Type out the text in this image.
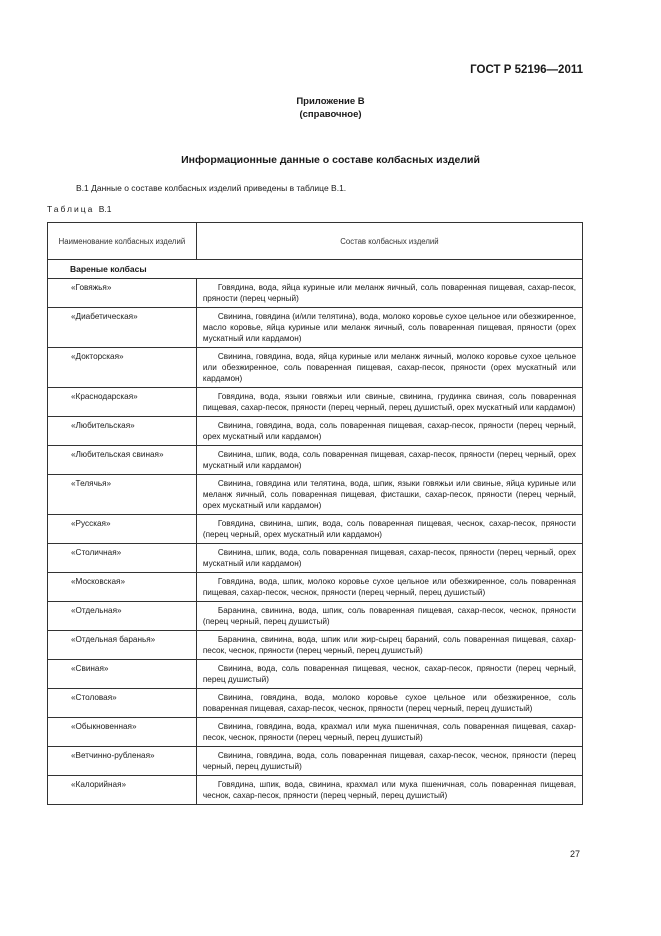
ГОСТ Р 52196—2011
Приложение В
(справочное)
Информационные данные о составе колбасных изделий
В.1 Данные о составе колбасных изделий приведены в таблице В.1.
Таблица В.1
Наименование колбасных изделий	Состав колбасных изделий
Вареные колбасы	
«Говяжья»	Говядина, вода, яйца куриные или меланж яичный, соль поваренная пищевая, сахар-песок, пряности (перец черный)

«Диабетическая»	Свинина, говядина (и/или телятина), вода, молоко коровье сухое цельное или обезжиренное, масло коровье, яйца куриные или меланж яичный, соль поваренная пищевая, пряности (орех мускатный или кардамон)

«Докторская»	Свинина, говядина, вода, яйца куриные или меланж яичный, молоко коровье сухое цельное или обезжиренное, соль поваренная пищевая, сахар-песок, пряности (орех мускатный или кардамон)

«Краснодарская»	Говядина, вода, языки говяжьи или свиные, свинина, грудинка свиная, соль поваренная пищевая, сахар-песок, пряности (перец черный, перец душистый, орех мускатный или кардамон)

«Любительская»	Свинина, говядина, вода, соль поваренная пищевая, сахар-песок, пряности (перец черный, орех мускатный или кардамон)

«Любительская свиная»	Свинина, шпик, вода, соль поваренная пищевая, сахар-песок, пряности (перец черный, орех мускатный или кардамон)

«Телячья»	Свинина, говядина или телятина, вода, шпик, языки говяжьи или свиные, яйца куриные или меланж яичный, соль поваренная пищевая, фисташки, сахар-песок, пряности (перец черный, орех мускатный или кардамон)

«Русская»	Говядина, свинина, шпик, вода, соль поваренная пищевая, чеснок, сахар-песок, пряности (перец черный, орех мускатный или кардамон)

«Столичная»	Свинина, шпик, вода, соль поваренная пищевая, сахар-песок, пряности (перец черный, орех мускатный или кардамон)

«Московская»	Говядина, вода, шпик, молоко коровье сухое цельное или обезжиренное, соль поваренная пищевая, сахар-песок, чеснок, пряности (перец черный, перец душистый)

«Отдельная»	Баранина, свинина, вода, шпик, соль поваренная пищевая, сахар-песок, чеснок, пряности (перец черный, перец душистый)

«Отдельная баранья»	Баранина, свинина, вода, шпик или жир-сырец бараний, соль поваренная пищевая, сахар-песок, чеснок, пряности (перец черный, перец душистый)

«Свиная»	Свинина, вода, соль поваренная пищевая, чеснок, сахар-песок, пряности (перец черный, перец душистый)

«Столовая»	Свинина, говядина, вода, молоко коровье сухое цельное или обезжиренное, соль поваренная пищевая, сахар-песок, чеснок, пряности (перец черный, перец душистый)

«Обыкновенная»	Свинина, говядина, вода, крахмал или мука пшеничная, соль поваренная пищевая, сахар-песок, чеснок, пряности (перец черный, перец душистый)

«Ветчинно-рубленая»	Свинина, говядина, вода, соль поваренная пищевая, сахар-песок, чеснок, пряности (перец черный, перец душистый)

«Калорийная»	Говядина, шпик, вода, свинина, крахмал или мука пшеничная, соль поваренная пищевая, чеснок, сахар-песок, пряности (перец черный, перец душистый)
27
